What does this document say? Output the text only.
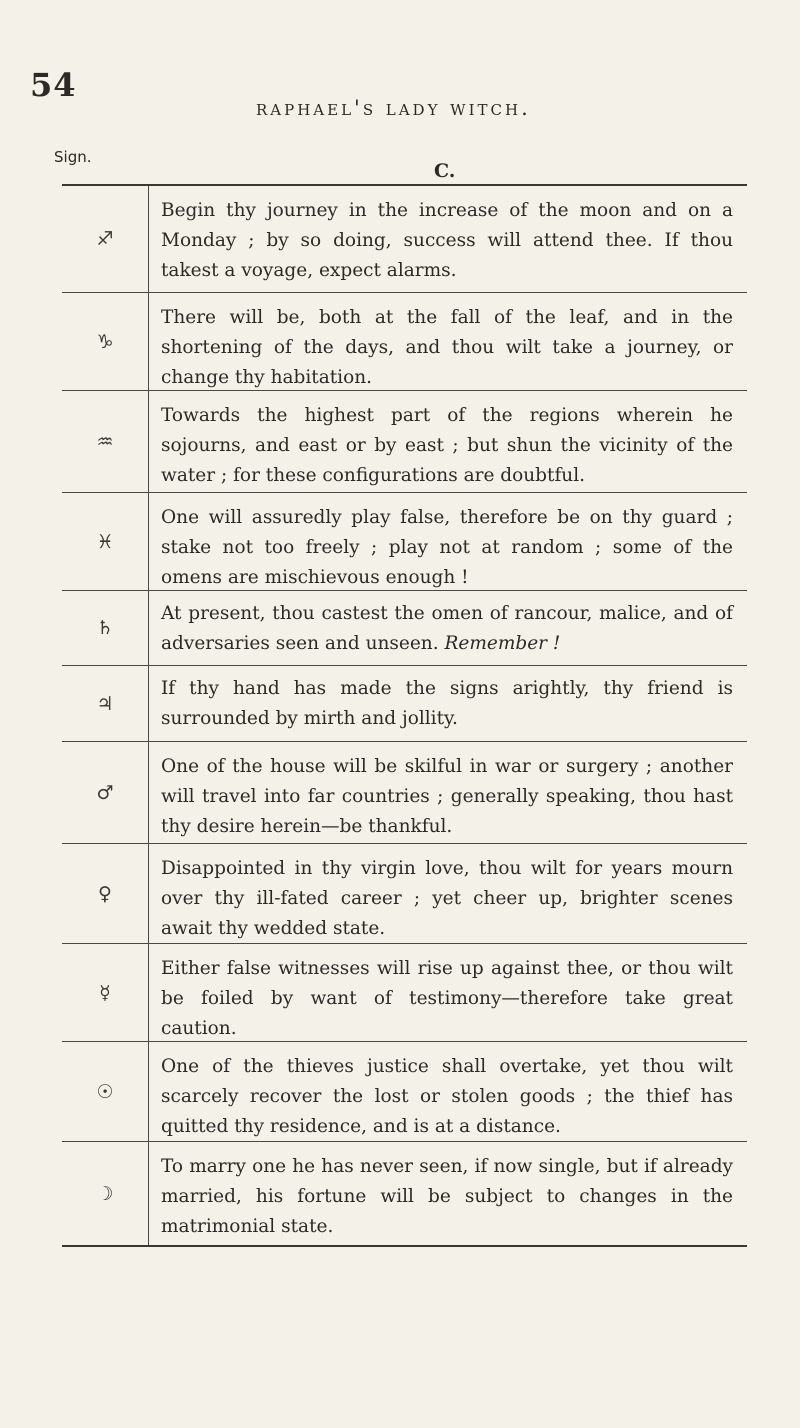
54
raphael's lady witch.
Sign.
C.
♐
Begin thy journey in the increase of the moon and on a Monday ; by so doing, success will attend thee. If thou takest a voyage, expect alarms.
♑
There will be, both at the fall of the leaf, and in the shortening of the days, and thou wilt take a journey, or change thy habitation.
♒
Towards the highest part of the regions wherein he sojourns, and east or by east ; but shun the vicinity of the water ; for these configurations are doubtful.
♓
One will assuredly play false, therefore be on thy guard ; stake not too freely ; play not at random ; some of the omens are mischievous enough !
♄
At present, thou castest the omen of rancour, malice, and of adversaries seen and unseen. Remember !
♃
If thy hand has made the signs arightly, thy friend is surrounded by mirth and jollity.
♂
One of the house will be skilful in war or surgery ; another will travel into far countries ; generally speaking, thou hast thy desire herein—be thankful.
♀
Disappointed in thy virgin love, thou wilt for years mourn over thy ill-fated career ; yet cheer up, brighter scenes await thy wedded state.
☿
Either false witnesses will rise up against thee, or thou wilt be foiled by want of testimony—therefore take great caution.
☉
One of the thieves justice shall overtake, yet thou wilt scarcely recover the lost or stolen goods ; the thief has quitted thy residence, and is at a distance.
☽
To marry one he has never seen, if now single, but if already married, his fortune will be subject to changes in the matrimonial state.
